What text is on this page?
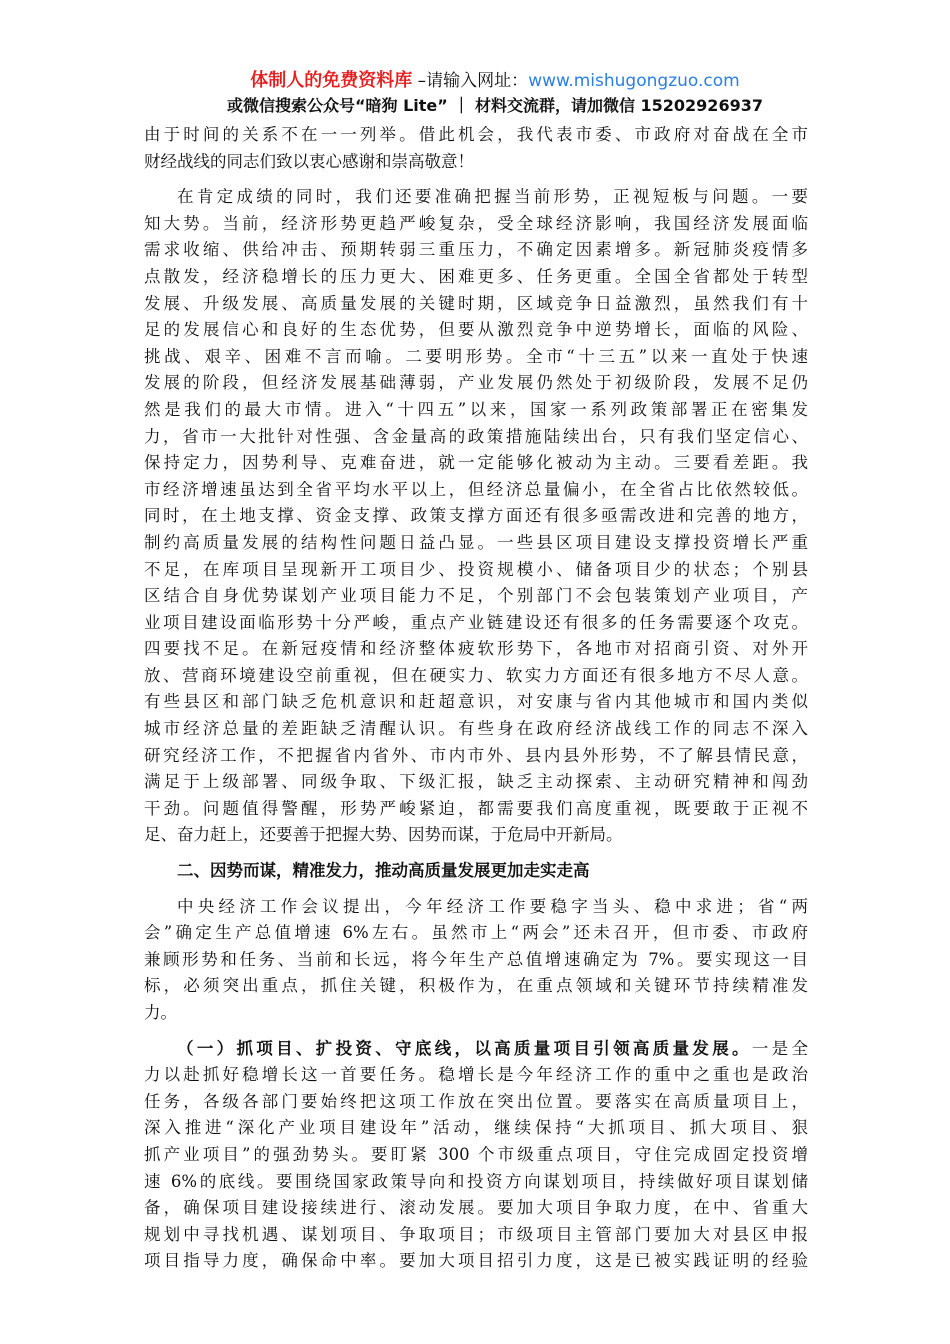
体制人的免费资料库 –请输入网址：www.mishugongzuo.com
或微信搜索公众号“暗狗 Lite” ｜ 材料交流群，请加微信 15202926937
由于时间的关系不在一一列举。借此机会，我代表市委、市政府对奋战在全市
财经战线的同志们致以衷心感谢和崇高敬意！
在肯定成绩的同时，我们还要准确把握当前形势，正视短板与问题。一要
知大势。当前，经济形势更趋严峻复杂，受全球经济影响，我国经济发展面临
需求收缩、供给冲击、预期转弱三重压力，不确定因素增多。新冠肺炎疫情多
点散发，经济稳增长的压力更大、困难更多、任务更重。全国全省都处于转型
发展、升级发展、高质量发展的关键时期，区域竞争日益激烈，虽然我们有十
足的发展信心和良好的生态优势，但要从激烈竞争中逆势增长，面临的风险、
挑战、艰辛、困难不言而喻。二要明形势。全市“十三五”以来一直处于快速
发展的阶段，但经济发展基础薄弱，产业发展仍然处于初级阶段，发展不足仍
然是我们的最大市情。进入“十四五”以来，国家一系列政策部署正在密集发
力，省市一大批针对性强、含金量高的政策措施陆续出台，只有我们坚定信心、
保持定力，因势利导、克难奋进，就一定能够化被动为主动。三要看差距。我
市经济增速虽达到全省平均水平以上，但经济总量偏小，在全省占比依然较低。
同时，在土地支撑、资金支撑、政策支撑方面还有很多亟需改进和完善的地方，
制约高质量发展的结构性问题日益凸显。一些县区项目建设支撑投资增长严重
不足，在库项目呈现新开工项目少、投资规模小、储备项目少的状态；个别县
区结合自身优势谋划产业项目能力不足，个别部门不会包装策划产业项目，产
业项目建设面临形势十分严峻，重点产业链建设还有很多的任务需要逐个攻克。
四要找不足。在新冠疫情和经济整体疲软形势下，各地市对招商引资、对外开
放、营商环境建设空前重视，但在硬实力、软实力方面还有很多地方不尽人意。
有些县区和部门缺乏危机意识和赶超意识，对安康与省内其他城市和国内类似
城市经济总量的差距缺乏清醒认识。有些身在政府经济战线工作的同志不深入
研究经济工作，不把握省内省外、市内市外、县内县外形势，不了解县情民意，
满足于上级部署、同级争取、下级汇报，缺乏主动探索、主动研究精神和闯劲
干劲。问题值得警醒，形势严峻紧迫，都需要我们高度重视，既要敢于正视不
足、奋力赶上，还要善于把握大势、因势而谋，于危局中开新局。
二、因势而谋，精准发力，推动高质量发展更加走实走高
中央经济工作会议提出，今年经济工作要稳字当头、稳中求进；省“两
会”确定生产总值增速 6%左右。虽然市上“两会”还未召开，但市委、市政府
兼顾形势和任务、当前和长远，将今年生产总值增速确定为 7%。要实现这一目
标，必须突出重点，抓住关键，积极作为，在重点领域和关键环节持续精准发
力。
（一）抓项目、扩投资、守底线，以高质量项目引领高质量发展。一是全
力以赴抓好稳增长这一首要任务。稳增长是今年经济工作的重中之重也是政治
任务，各级各部门要始终把这项工作放在突出位置。要落实在高质量项目上，
深入推进“深化产业项目建设年”活动，继续保持“大抓项目、抓大项目、狠
抓产业项目”的强劲势头。要盯紧 300 个市级重点项目，守住完成固定投资增
速 6%的底线。要围绕国家政策导向和投资方向谋划项目，持续做好项目谋划储
备，确保项目建设接续进行、滚动发展。要加大项目争取力度，在中、省重大
规划中寻找机遇、谋划项目、争取项目；市级项目主管部门要加大对县区申报
项目指导力度，确保命中率。要加大项目招引力度，这是已被实践证明的经验
